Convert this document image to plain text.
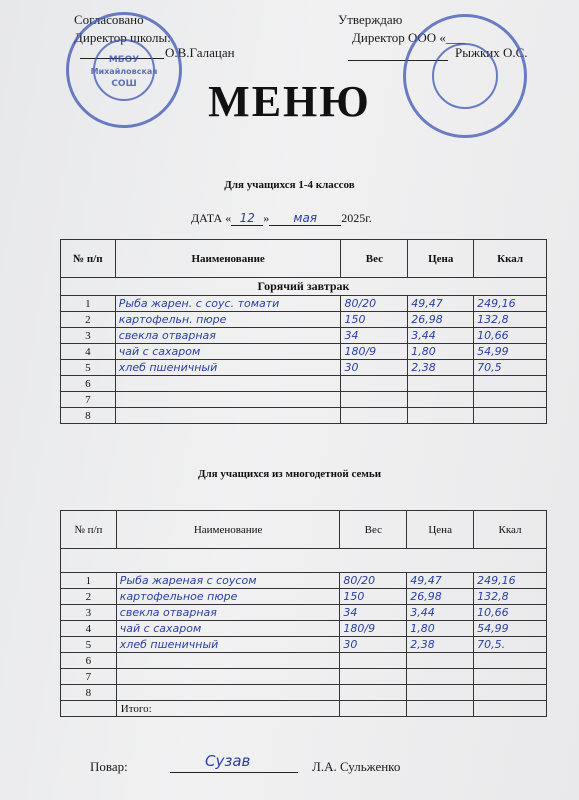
Согласовано
Директор школы:
О.В.Галацан
Утверждаю
Директор ООО «___
Рыжких О.С.
МБОУ
Михайловская
СОШ	МЕНЮ
Для учащихся 1-4 классов
ДАТА « 12 » мая 2025г.
№ п/п	Наименование	Вес	Цена	Ккал
Горячий завтрак				
1	Рыба жарен. с соус. томати	80/20	49,47	249,16
2	картофельн. пюре	150	26,98	132,8
3	свекла отварная	34	3,44	10,66
4	чай с сахаром	180/9	1,80	54,99
5	хлеб пшеничный	30	2,38	70,5
6				
7				
8				
Для учащихся из многодетной семьи
№ п/п	Наименование	Вес	Цена	Ккал

1	Рыба жареная с соусом	80/20	49,47	249,16
2	картофельное пюре	150	26,98	132,8
3	свекла отварная	34	3,44	10,66
4	чай с сахаром	180/9	1,80	54,99
5	хлеб пшеничный	30	2,38	70,5.
6				
7				
8				
	Итого:			
Повар:	Сузав	Л.А. Сульженко
